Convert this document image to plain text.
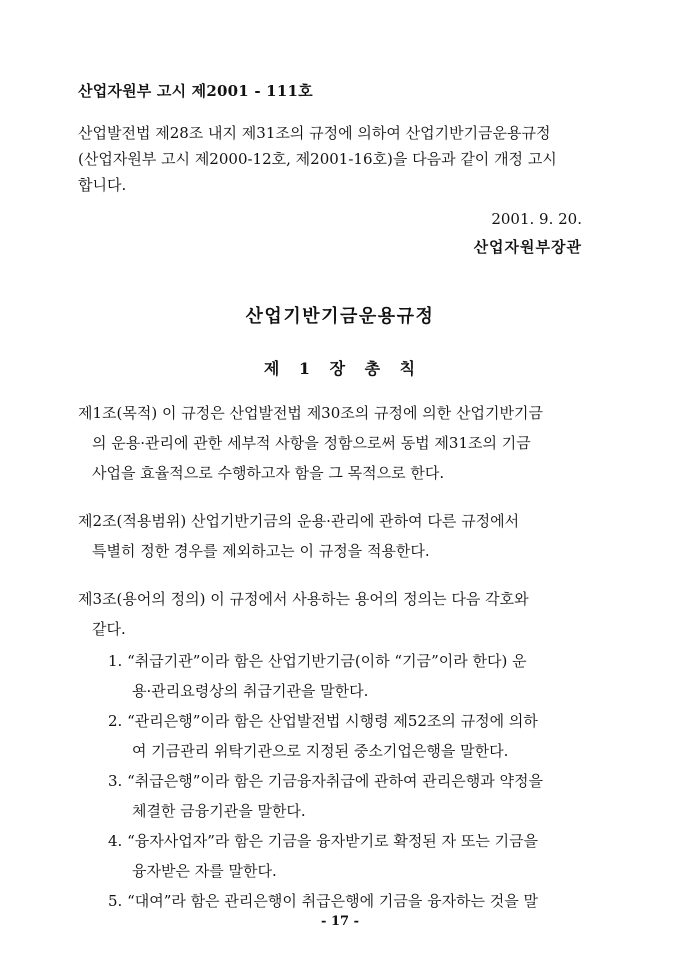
산업자원부 고시 제2001 - 111호
산업발전법 제28조 내지 제31조의 규정에 의하여 산업기반기금운용규정
(산업자원부 고시 제2000-12호, 제2001-16호)을 다음과 같이 개정 고시
합니다.
2001. 9. 20.
산업자원부장관
산업기반기금운용규정
제 1 장 총 칙
제1조(목적) 이 규정은 산업발전법 제30조의 규정에 의한 산업기반기금
의 운용·관리에 관한 세부적 사항을 정함으로써 동법 제31조의 기금
사업을 효율적으로 수행하고자 함을 그 목적으로 한다.
제2조(적용범위) 산업기반기금의 운용·관리에 관하여 다른 규정에서
특별히 정한 경우를 제외하고는 이 규정을 적용한다.
제3조(용어의 정의) 이 규정에서 사용하는 용어의 정의는 다음 각호와
같다.
1. “취급기관”이라 함은 산업기반기금(이하 “기금”이라 한다) 운
용·관리요령상의 취급기관을 말한다.
2. “관리은행”이라 함은 산업발전법 시행령 제52조의 규정에 의하
여 기금관리 위탁기관으로 지정된 중소기업은행을 말한다.
3. “취급은행”이라 함은 기금융자취급에 관하여 관리은행과 약정을
체결한 금융기관을 말한다.
4. “융자사업자”라 함은 기금을 융자받기로 확정된 자 또는 기금을
융자받은 자를 말한다.
5. “대여”라 함은 관리은행이 취급은행에 기금을 융자하는 것을 말
- 17 -
